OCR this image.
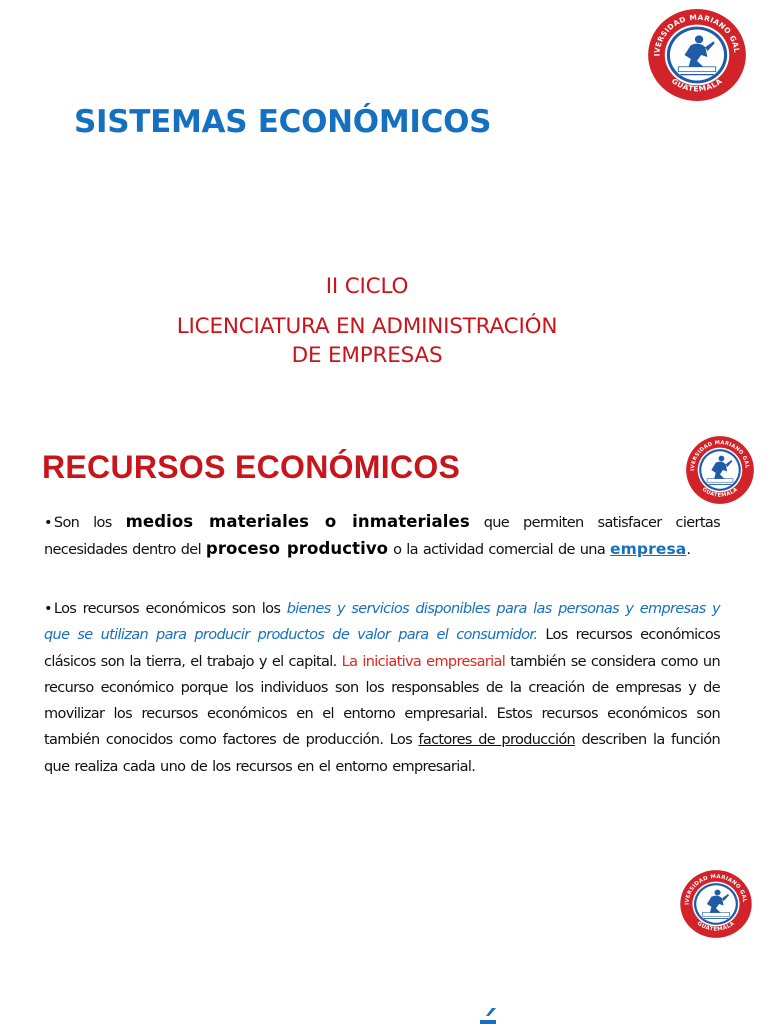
SISTEMAS ECONÓMICOS
II CICLO
LICENCIATURA EN ADMINISTRACIÓN
DE EMPRESAS
RECURSOS ECONÓMICOS

• Son los medios materiales o inmateriales que permiten satisfacer ciertas necesidades dentro del proceso productivo o la actividad comercial de una empresa.

• Los recursos económicos son los bienes y servicios disponibles para las personas y empresas y que se utilizan para producir productos de valor para el consumidor. Los recursos económicos clásicos son la tierra, el trabajo y el capital. La iniciativa empresarial también se considera como un recurso económico porque los individuos son los responsables de la creación de empresas y de movilizar los recursos económicos en el entorno empresarial. Estos recursos económicos son también conocidos como factores de producción. Los factores de producción describen la función que realiza cada uno de los recursos en el entorno empresarial.
